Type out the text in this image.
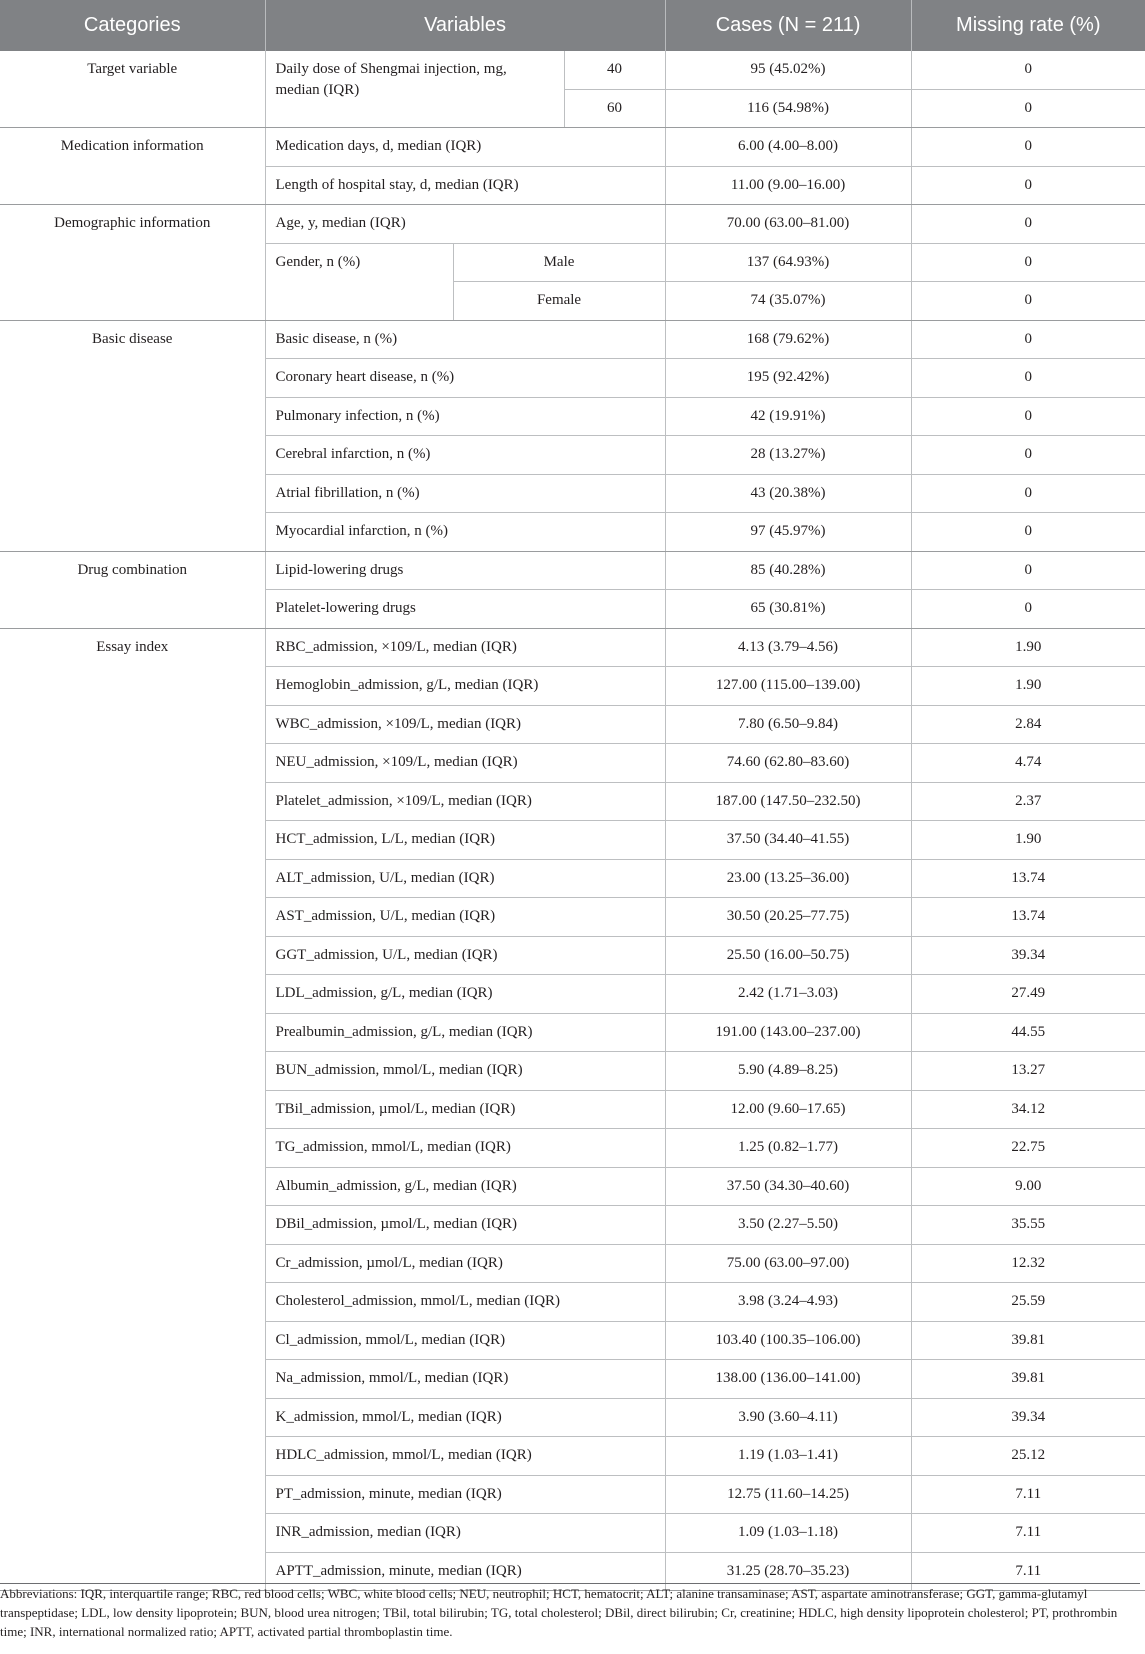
Categories	Variables			Cases (N = 211)	Missing rate (%)
Target variable	Daily dose of Shengmai injection, mg, median (IQR)		40	95 (45.02%)	0
			60	116 (54.98%)	0
Medication information	Medication days, d, median (IQR)			6.00 (4.00–8.00)	0
	Length of hospital stay, d, median (IQR)			11.00 (9.00–16.00)	0
Demographic information	Age, y, median (IQR)			70.00 (63.00–81.00)	0
	Gender, n (%)	Male		137 (64.93%)	0
		Female		74 (35.07%)	0
Basic disease	Basic disease, n (%)			168 (79.62%)	0
	Coronary heart disease, n (%)			195 (92.42%)	0
	Pulmonary infection, n (%)			42 (19.91%)	0
	Cerebral infarction, n (%)			28 (13.27%)	0
	Atrial fibrillation, n (%)			43 (20.38%)	0
	Myocardial infarction, n (%)			97 (45.97%)	0
Drug combination	Lipid-lowering drugs			85 (40.28%)	0
	Platelet-lowering drugs			65 (30.81%)	0
Essay index	RBC_admission, ×109/L, median (IQR)			4.13 (3.79–4.56)	1.90
	Hemoglobin_admission, g/L, median (IQR)			127.00 (115.00–139.00)	1.90
	WBC_admission, ×109/L, median (IQR)			7.80 (6.50–9.84)	2.84
	NEU_admission, ×109/L, median (IQR)			74.60 (62.80–83.60)	4.74
	Platelet_admission, ×109/L, median (IQR)			187.00 (147.50–232.50)	2.37
	HCT_admission, L/L, median (IQR)			37.50 (34.40–41.55)	1.90
	ALT_admission, U/L, median (IQR)			23.00 (13.25–36.00)	13.74
	AST_admission, U/L, median (IQR)			30.50 (20.25–77.75)	13.74
	GGT_admission, U/L, median (IQR)			25.50 (16.00–50.75)	39.34
	LDL_admission, g/L, median (IQR)			2.42 (1.71–3.03)	27.49
	Prealbumin_admission, g/L, median (IQR)			191.00 (143.00–237.00)	44.55
	BUN_admission, mmol/L, median (IQR)			5.90 (4.89–8.25)	13.27
	TBil_admission, µmol/L, median (IQR)			12.00 (9.60–17.65)	34.12
	TG_admission, mmol/L, median (IQR)			1.25 (0.82–1.77)	22.75
	Albumin_admission, g/L, median (IQR)			37.50 (34.30–40.60)	9.00
	DBil_admission, µmol/L, median (IQR)			3.50 (2.27–5.50)	35.55
	Cr_admission, µmol/L, median (IQR)			75.00 (63.00–97.00)	12.32
	Cholesterol_admission, mmol/L, median (IQR)			3.98 (3.24–4.93)	25.59
	Cl_admission, mmol/L, median (IQR)			103.40 (100.35–106.00)	39.81
	Na_admission, mmol/L, median (IQR)			138.00 (136.00–141.00)	39.81
	K_admission, mmol/L, median (IQR)			3.90 (3.60–4.11)	39.34
	HDLC_admission, mmol/L, median (IQR)			1.19 (1.03–1.41)	25.12
	PT_admission, minute, median (IQR)			12.75 (11.60–14.25)	7.11
	INR_admission, median (IQR)			1.09 (1.03–1.18)	7.11
	APTT_admission, minute, median (IQR)			31.25 (28.70–35.23)	7.11
Abbreviations: IQR, interquartile range; RBC, red blood cells; WBC, white blood cells; NEU, neutrophil; HCT, hematocrit; ALT; alanine transaminase; AST, aspartate aminotransferase; GGT, gamma-glutamyl transpeptidase; LDL, low density lipoprotein; BUN, blood urea nitrogen; TBil, total bilirubin; TG, total cholesterol; DBil, direct bilirubin; Cr, creatinine; HDLC, high density lipoprotein cholesterol; PT, prothrombin time; INR, international normalized ratio; APTT, activated partial thromboplastin time.
